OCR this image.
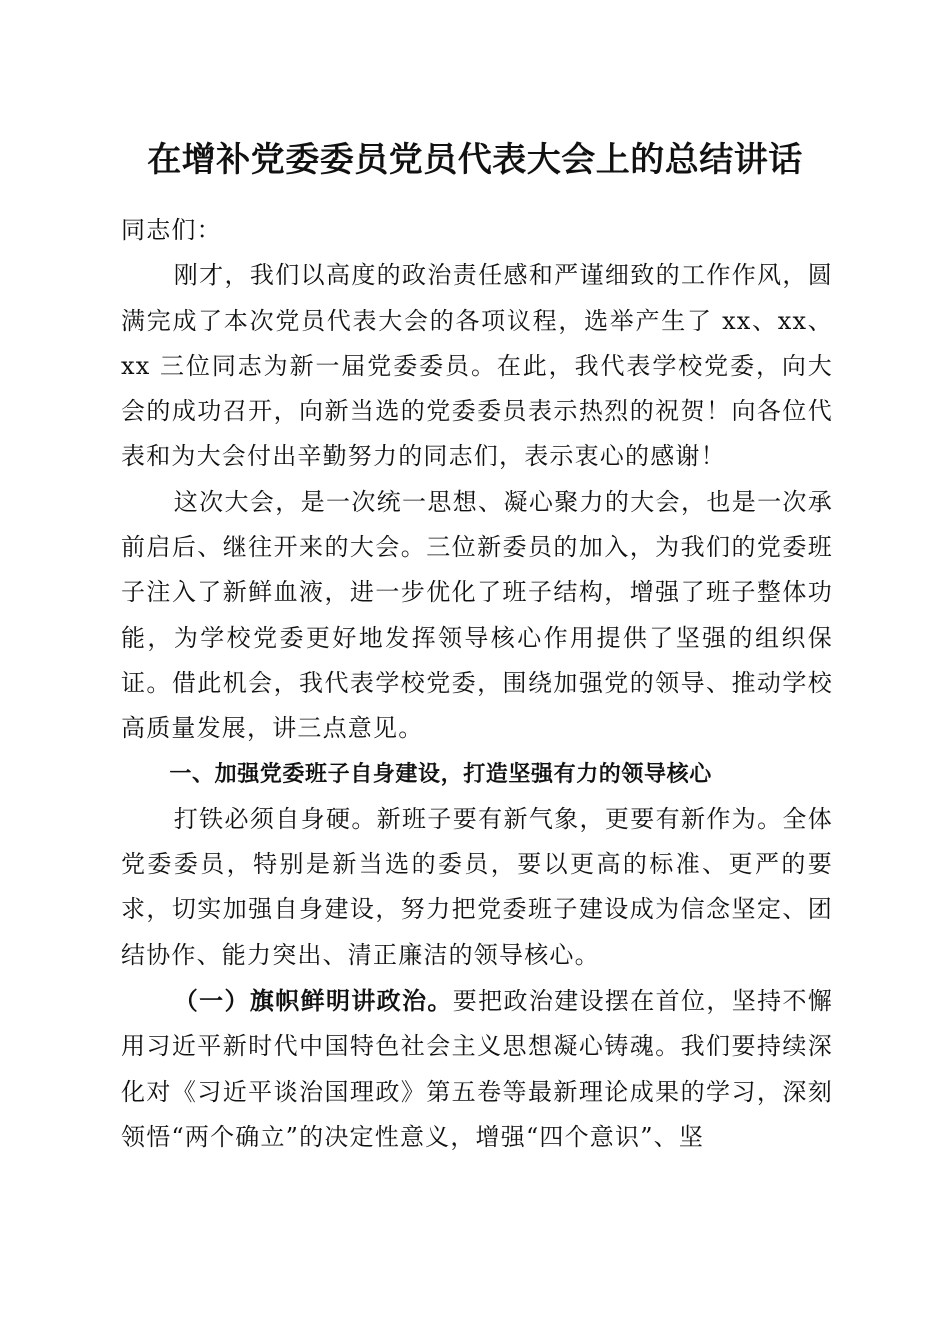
在增补党委委员党员代表大会上的总结讲话

同志们：

刚才，我们以高度的政治责任感和严谨细致的工作作风，圆满完成了本次党员代表大会的各项议程，选举产生了 xx、xx、xx 三位同志为新一届党委委员。在此，我代表学校党委，向大会的成功召开，向新当选的党委委员表示热烈的祝贺！向各位代表和为大会付出辛勤努力的同志们，表示衷心的感谢！

这次大会，是一次统一思想、凝心聚力的大会，也是一次承前启后、继往开来的大会。三位新委员的加入，为我们的党委班子注入了新鲜血液，进一步优化了班子结构，增强了班子整体功能，为学校党委更好地发挥领导核心作用提供了坚强的组织保证。借此机会，我代表学校党委，围绕加强党的领导、推动学校高质量发展，讲三点意见。

一、加强党委班子自身建设，打造坚强有力的领导核心

打铁必须自身硬。新班子要有新气象，更要有新作为。全体党委委员，特别是新当选的委员，要以更高的标准、更严的要求，切实加强自身建设，努力把党委班子建设成为信念坚定、团结协作、能力突出、清正廉洁的领导核心。

（一）旗帜鲜明讲政治。要把政治建设摆在首位，坚持不懈用习近平新时代中国特色社会主义思想凝心铸魂。我们要持续深化对《习近平谈治国理政》第五卷等最新理论成果的学习，深刻领悟“两个确立”的决定性意义，增强“四个意识”、坚
